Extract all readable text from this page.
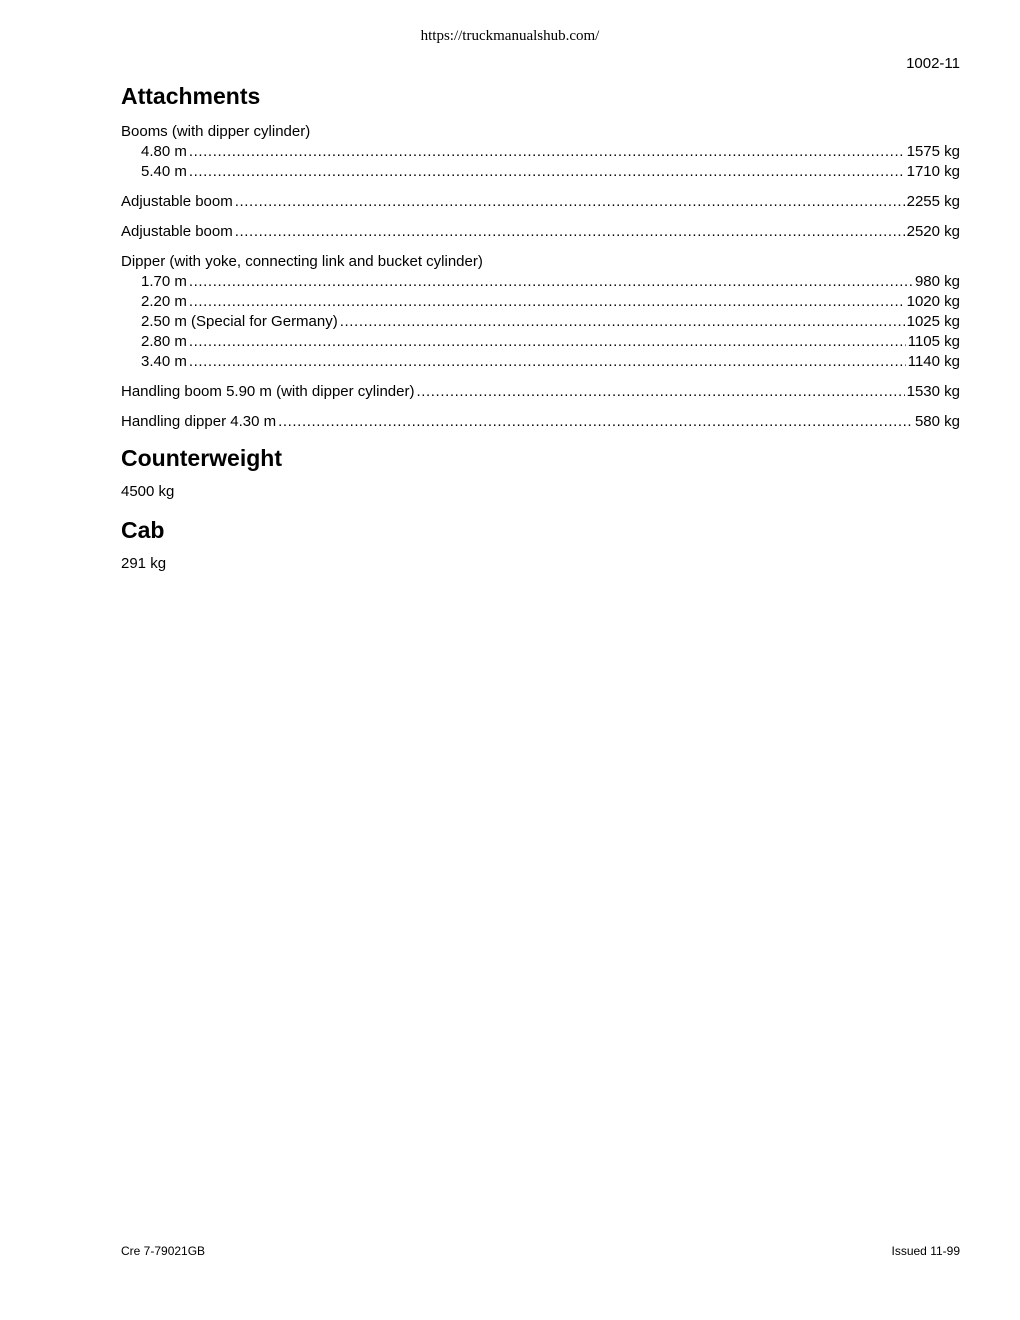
https://truckmanualshub.com/
1002-11
Attachments
Booms (with dipper cylinder)
4.80 m .....	1575 kg
5.40 m .....	1710 kg
Adjustable boom .....	2255 kg
Adjustable boom .....	2520 kg
Dipper (with yoke, connecting link and bucket cylinder)
1.70 m .....	980 kg
2.20 m .....	1020 kg
2.50 m (Special for Germany) .....	1025 kg
2.80 m .....	1105 kg
3.40 m .....	1140 kg
Handling boom 5.90 m (with dipper cylinder) .....	1530 kg
Handling dipper 4.30 m .....	580 kg
Counterweight
4500 kg
Cab
291 kg
Cre 7-79021GB	Issued 11-99
